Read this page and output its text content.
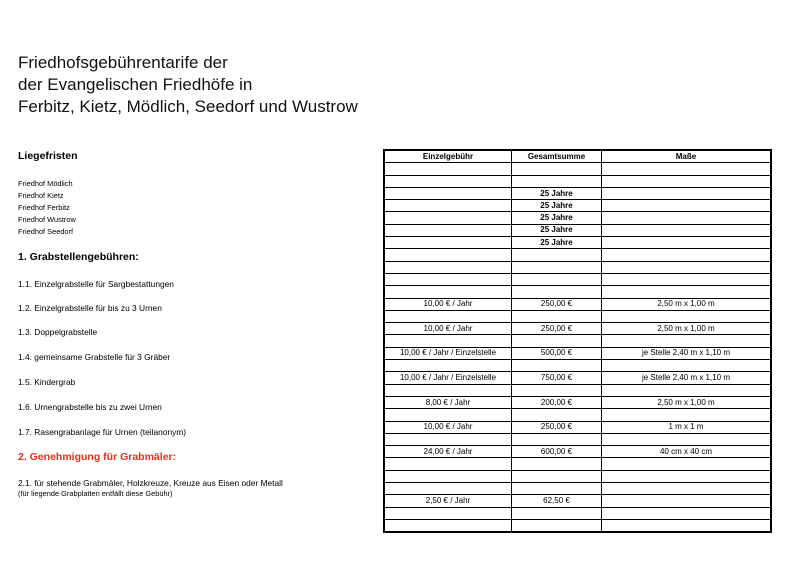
Friedhofsgebührentarife der
der Evangelischen Friedhöfe in
Ferbitz, Kietz, Mödlich, Seedorf und Wustrow
Liegefristen
Friedhof Mödlich
Friedhof Kietz
Friedhof Ferbitz
Friedhof Wustrow
Friedhof Seedorf
1. Grabstellengebühren:
1.1. Einzelgrabstelle für Sargbestattungen
1.2. Einzelgrabstelle für bis zu 3 Urnen
1.3. Doppelgrabstelle
1.4. gemeinsame Grabstelle für 3 Gräber
1.5. Kindergrab
1.6. Urnengrabstelle bis zu zwei Urnen
1.7. Rasengrabanlage für Urnen (teilanonym)
2. Genehmigung für Grabmäler:
2.1. für stehende Grabmäler, Holzkreuze, Kreuze aus Eisen oder Metall
(für liegende Grabplatten entfällt diese Gebühr)
Einzelgebühr	Gesamtsumme	Maße

	25 Jahre	
	25 Jahre	
	25 Jahre	
	25 Jahre	
	25 Jahre	

10,00 € / Jahr	250,00 €	2,50 m x 1,00 m

10,00 € / Jahr	250,00 €	2,50 m x 1,00 m

10,00 € / Jahr / Einzelstelle	500,00 €	je Stelle 2,40 m x 1,10 m

10,00 € / Jahr / Einzelstelle	750,00 €	je Stelle 2,40 m x 1,10 m

8,00 € / Jahr	200,00 €	2,50 m x 1,00 m

10,00 € / Jahr	250,00 €	1 m x 1 m

24,00 € / Jahr	600,00 €	40 cm x 40 cm

2,50 € / Jahr	62,50 €	
